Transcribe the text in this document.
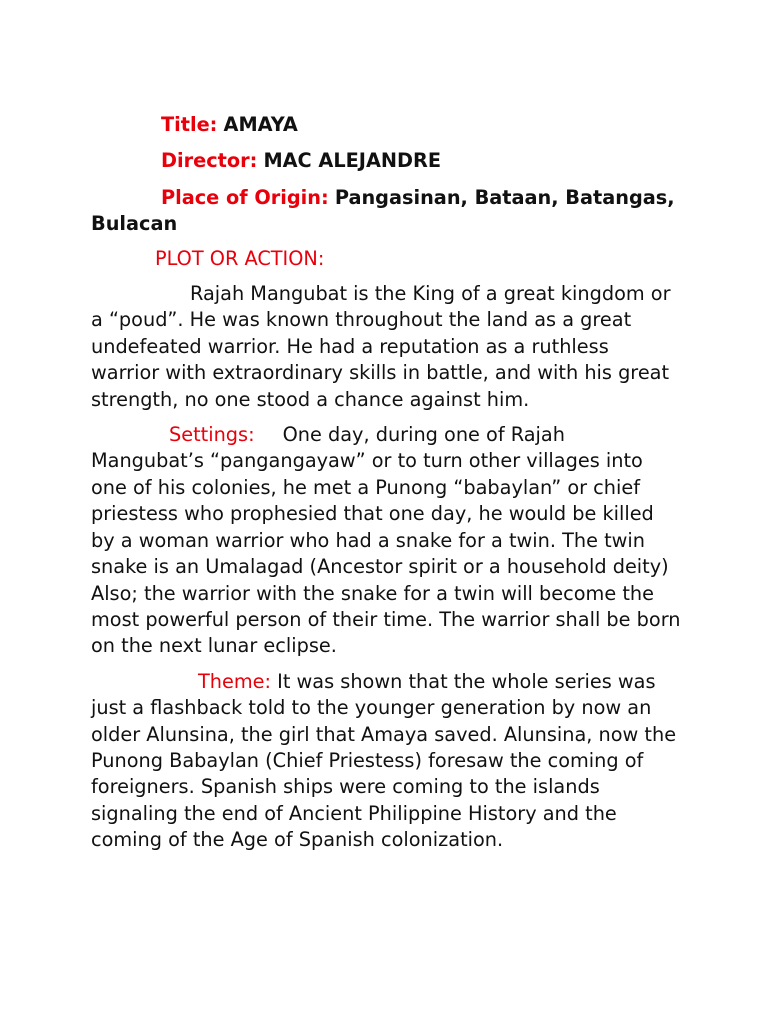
Title: AMAYA

Director: MAC ALEJANDRE

Place of Origin: Pangasinan, Bataan, Batangas, Bulacan

PLOT OR ACTION:

Rajah Mangubat is the King of a great kingdom or a “poud”. He was known throughout the land as a great undefeated warrior. He had a reputation as a ruthless warrior with extraordinary skills in battle, and with his great strength, no one stood a chance against him.

Settings: One day, during one of Rajah Mangubat’s “pangangayaw” or to turn other villages into one of his colonies, he met a Punong “babaylan” or chief priestess who prophesied that one day, he would be killed by a woman warrior who had a snake for a twin. The twin snake is an Umalagad (Ancestor spirit or a household deity) Also; the warrior with the snake for a twin will become the most powerful person of their time. The warrior shall be born on the next lunar eclipse.

Theme: It was shown that the whole series was just a flashback told to the younger generation by now an older Alunsina, the girl that Amaya saved. Alunsina, now the Punong Babaylan (Chief Priestess) foresaw the coming of foreigners. Spanish ships were coming to the islands signaling the end of Ancient Philippine History and the coming of the Age of Spanish colonization.
